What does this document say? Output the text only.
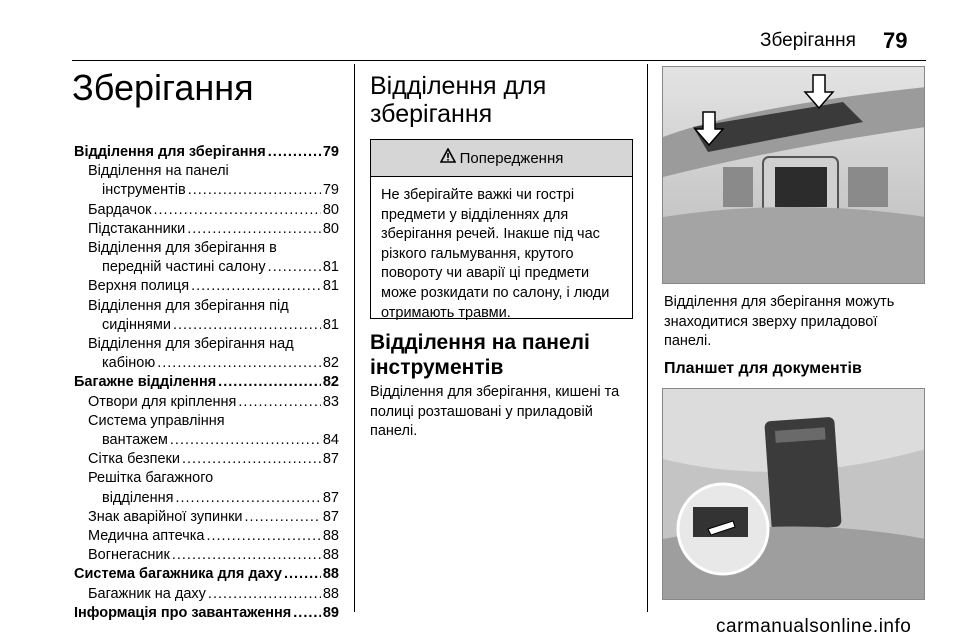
Зберігання 79
Зберігання
Відділення для зберігання .....	79
Відділення на панелі
інструментів .....	79
Бардачок .....	80
Підстаканники .....	80
Відділення для зберігання в
передній частині салону .....	81
Верхня полиця .....	81
Відділення для зберігання під
сидіннями .....	81
Відділення для зберігання над
кабіною .....	82
Багажне відділення .....	82
Отвори для кріплення .....	83
Система управління
вантажем .....	84
Сітка безпеки .....	87
Решітка багажного
відділення .....	87
Знак аварійної зупинки .....	87
Медична аптечка .....	88
Вогнегасник .....	88
Система багажника для даху .....	88
Багажник на даху .....	88
Інформація про завантаження ..... 89
Відділення для
зберігання
Попередження
Не зберігайте важкі чи гострі предмети у відділеннях для зберігання речей. Інакше під час різкого гальмування, крутого повороту чи аварії ці предмети може розкидати по салону, і люди отримають травми.
Відділення на панелі
інструментів
Відділення для зберігання, кишені та полиці розташовані у приладовій панелі.
Відділення для зберігання можуть знаходитися зверху приладової панелі.
Планшет для документів
carmanualsonline.info
